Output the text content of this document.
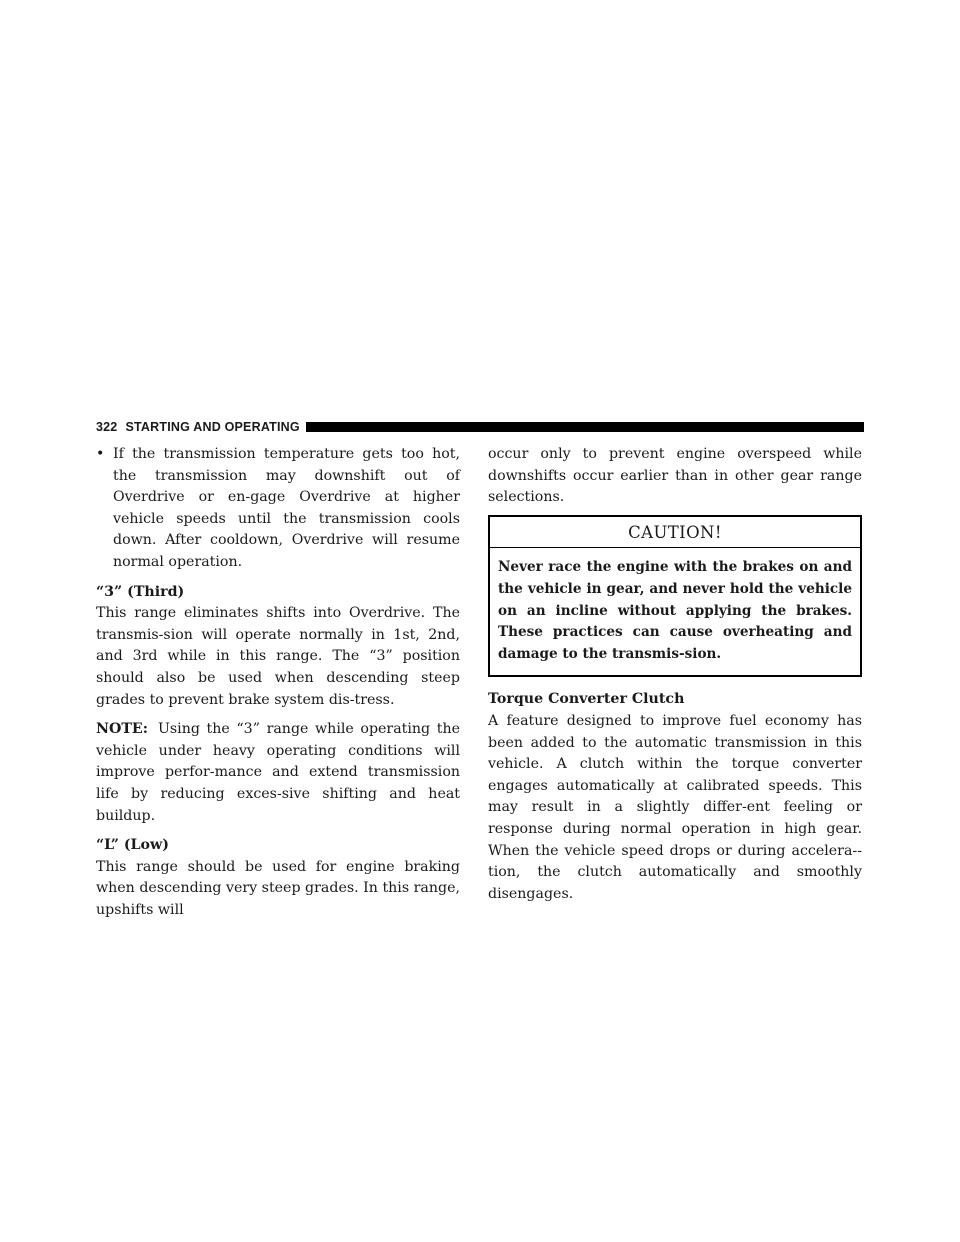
322 STARTING AND OPERATING
• If the transmission temperature gets too hot, the transmission may downshift out of Overdrive or en-gage Overdrive at higher vehicle speeds until the transmission cools down. After cooldown, Overdrive will resume normal operation.
“3” (Third)

This range eliminates shifts into Overdrive. The transmis-sion will operate normally in 1st, 2nd, and 3rd while in this range. The “3” position should also be used when descending steep grades to prevent brake system dis-tress.

NOTE: Using the “3” range while operating the vehicle under heavy operating conditions will improve perfor-mance and extend transmission life by reducing exces-sive shifting and heat buildup.

“L” (Low)

This range should be used for engine braking when descending very steep grades. In this range, upshifts will

occur only to prevent engine overspeed while downshifts occur earlier than in other gear range selections.

CAUTION!
Never race the engine with the brakes on and the vehicle in gear, and never hold the vehicle on an incline without applying the brakes. These practices can cause overheating and damage to the transmis-sion.
Torque Converter Clutch

A feature designed to improve fuel economy has been added to the automatic transmission in this vehicle. A clutch within the torque converter engages automatically at calibrated speeds. This may result in a slightly differ-ent feeling or response during normal operation in high gear. When the vehicle speed drops or during accelera-tion, the clutch automatically and smoothly disengages.
